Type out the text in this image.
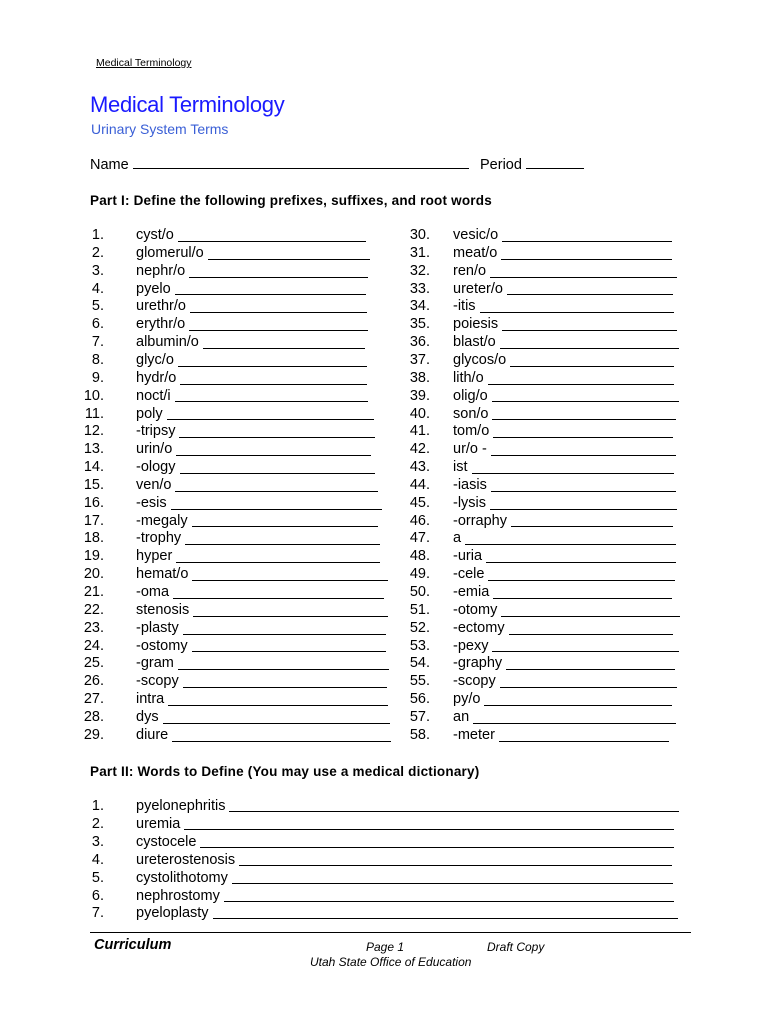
Medical Terminology
Medical Terminology
Urinary System Terms
Name	Period
Part I: Define the following prefixes, suffixes, and root words
1. cyst/o
2. glomerul/o
3. nephr/o
4. pyelo
5. urethr/o
6. erythr/o
7. albumin/o
8. glyc/o
9. hydr/o
10. noct/i
11. poly
12. -tripsy
13. urin/o
14. -ology
15. ven/o
16. -esis
17. -megaly
18. -trophy
19. hyper
20. hemat/o
21. -oma
22. stenosis
23. -plasty
24. -ostomy
25. -gram
26. -scopy
27. intra
28. dys
29. diure
30. vesic/o
31. meat/o
32. ren/o
33. ureter/o
34. -itis
35. poiesis
36. blast/o
37. glycos/o
38. lith/o
39. olig/o
40. son/o
41. tom/o
42. ur/o -
43. ist
44. -iasis
45. -lysis
46. -orraphy
47. a
48. -uria
49. -cele
50. -emia
51. -otomy
52. -ectomy
53. -pexy
54. -graphy
55. -scopy
56. py/o
57. an
58. -meter
Part II: Words to Define (You may use a medical dictionary)
1. pyelonephritis
2. uremia
3. cystocele
4. ureterostenosis
5. cystolithotomy
6. nephrostomy
7. pyeloplasty
Curriculum	Page 1	Draft Copy
Utah State Office of Education
